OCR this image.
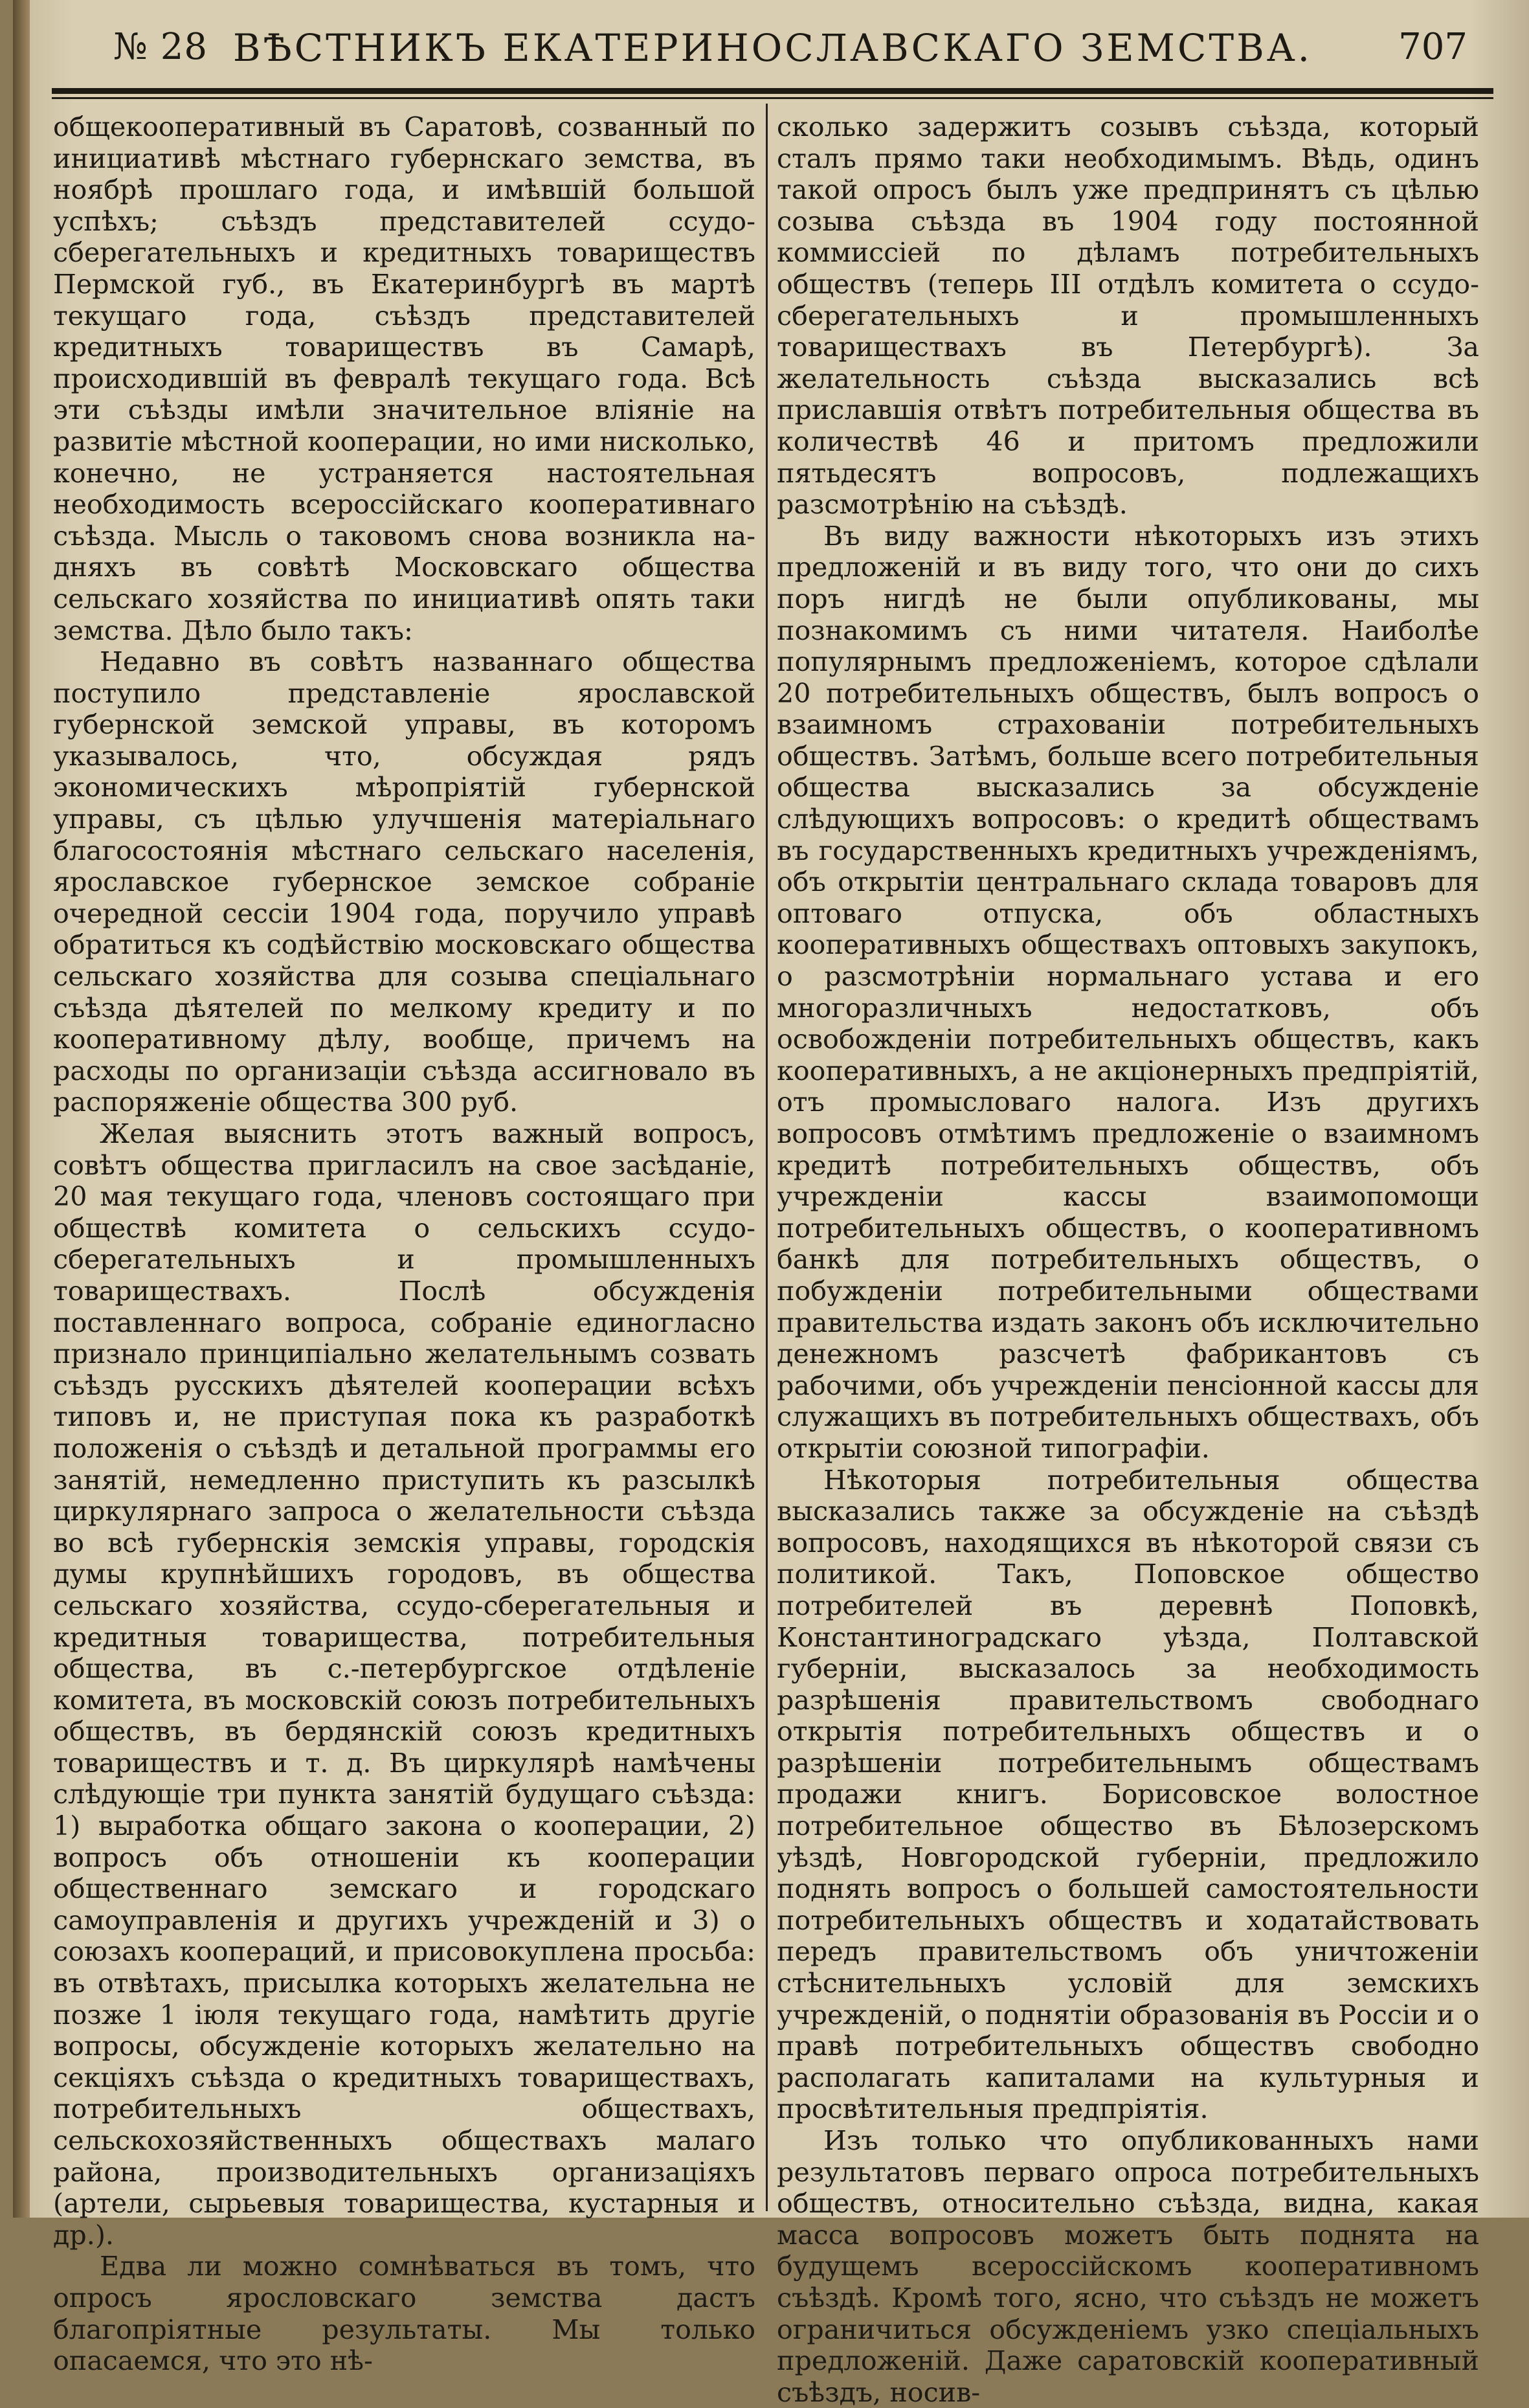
№ 28 ВѢСТНИКЪ ЕКАТЕРИНОСЛАВСКАГО ЗЕМСТВА.	707

общекооперативный въ Саратовѣ, созванный по инициативѣ мѣстнаго губернскаго земства, въ ноябрѣ прошлаго года, и имѣвшій большой успѣхъ; съѣздъ представителей ссудо-сберегательныхъ и кредитныхъ товариществъ Пермской губ., въ Екатеринбургѣ въ мартѣ текущаго года, съѣздъ представителей кредитныхъ товариществъ въ Самарѣ, происходившій въ февралѣ текущаго года. Всѣ эти съѣзды имѣли значительное вліяніе на развитіе мѣстной кооперации, но ими нисколько, конечно, не устраняется настоятельная необходимость всероссійскаго кооперативнаго съѣзда. Мысль о таковомъ снова возникла на-дняхъ въ совѣтѣ Московскаго общества сельскаго хозяйства по инициативѣ опять таки земства. Дѣло было такъ:

Недавно въ совѣтъ названнаго общества поступило представленіе ярославской губернской земской управы, въ которомъ указывалось, что, обсуждая рядъ экономическихъ мѣропріятій губернской управы, съ цѣлью улучшенія матеріальнаго благосостоянія мѣстнаго сельскаго населенія, ярославское губернское земское собраніе очередной сессіи 1904 года, поручило управѣ обратиться къ содѣйствію московскаго общества сельскаго хозяйства для созыва спеціальнаго съѣзда дѣятелей по мелкому кредиту и по кооперативному дѣлу, вообще, причемъ на расходы по организаціи съѣзда ассигновало въ распоряженіе общества 300 руб.

Желая выяснить этотъ важный вопросъ, совѣтъ общества пригласилъ на свое засѣданіе, 20 мая текущаго года, членовъ состоящаго при обществѣ комитета о сельскихъ ссудо-сберегательныхъ и промышленныхъ товариществахъ. Послѣ обсужденія поставленнаго вопроса, собраніе единогласно признало принципіально желательнымъ созвать съѣздъ русскихъ дѣятелей кооперации всѣхъ типовъ и, не приступая пока къ разработкѣ положенія о съѣздѣ и детальной программы его занятій, немедленно приступить къ разсылкѣ циркулярнаго запроса о желательности съѣзда во всѣ губернскія земскія управы, городскія думы крупнѣйшихъ городовъ, въ общества сельскаго хозяйства, ссудо-сберегательныя и кредитныя товарищества, потребительныя общества, въ с.-петербургское отдѣленіе комитета, въ московскій союзъ потребительныхъ обществъ, въ бердянскій союзъ кредитныхъ товариществъ и т. д. Въ циркулярѣ намѣчены слѣдующіе три пункта занятій будущаго съѣзда: 1) выработка общаго закона о кооперации, 2) вопросъ объ отношеніи къ кооперации общественнаго земскаго и городскаго самоуправленія и другихъ учрежденій и 3) о союзахъ коопераций, и присовокуплена просьба: въ отвѣтахъ, присылка которыхъ желательна не позже 1 іюля текущаго года, намѣтить другіе вопросы, обсужденіе которыхъ желательно на секціяхъ съѣзда о кредитныхъ товариществахъ, потребительныхъ обществахъ, сельскохозяйственныхъ обществахъ малаго района, производительныхъ организаціяхъ (артели, сырьевыя товарищества, кустарныя и др.).

Едва ли можно сомнѣваться въ томъ, что опросъ ярословскаго земства дастъ благопріятные результаты. Мы только опасаемся, что это нѣ-

сколько задержитъ созывъ съѣзда, который сталъ прямо таки необходимымъ. Вѣдь, одинъ такой опросъ былъ уже предпринятъ съ цѣлью созыва съѣзда въ 1904 году постоянной коммиссіей по дѣламъ потребительныхъ обществъ (теперь III отдѣлъ комитета о ссудо-сберегательныхъ и промышленныхъ товариществахъ въ Петербургѣ). За желательность съѣзда высказались всѣ приславшія отвѣтъ потребительныя общества въ количествѣ 46 и притомъ предложили пятьдесятъ вопросовъ, подлежащихъ разсмотрѣнію на съѣздѣ.

Въ виду важности нѣкоторыхъ изъ этихъ предложеній и въ виду того, что они до сихъ поръ нигдѣ не были опубликованы, мы познакомимъ съ ними читателя. Наиболѣе популярнымъ предложеніемъ, которое сдѣлали 20 потребительныхъ обществъ, былъ вопросъ о взаимномъ страхованіи потребительныхъ обществъ. Затѣмъ, больше всего потребительныя общества высказались за обсужденіе слѣдующихъ вопросовъ: о кредитѣ обществамъ въ государственныхъ кредитныхъ учрежденіямъ, объ открытіи центральнаго склада товаровъ для оптоваго отпуска, объ областныхъ кооперативныхъ обществахъ оптовыхъ закупокъ, о разсмотрѣніи нормальнаго устава и его многоразличныхъ недостатковъ, объ освобожденіи потребительныхъ обществъ, какъ кооперативныхъ, а не акціонерныхъ предпріятій, отъ промысловаго налога. Изъ другихъ вопросовъ отмѣтимъ предложеніе о взаимномъ кредитѣ потребительныхъ обществъ, объ учрежденіи кассы взаимопомощи потребительныхъ обществъ, о кооперативномъ банкѣ для потребительныхъ обществъ, о побужденіи потребительными обществами правительства издать законъ объ исключительно денежномъ разсчетѣ фабрикантовъ съ рабочими, объ учрежденіи пенсіонной кассы для служащихъ въ потребительныхъ обществахъ, объ открытіи союзной типографіи.

Нѣкоторыя потребительныя общества высказались также за обсужденіе на съѣздѣ вопросовъ, находящихся въ нѣкоторой связи съ политикой. Такъ, Поповское общество потребителей въ деревнѣ Поповкѣ, Константиноградскаго уѣзда, Полтавской губерніи, высказалось за необходимость разрѣшенія правительствомъ свободнаго открытія потребительныхъ обществъ и о разрѣшеніи потребительнымъ обществамъ продажи книгъ. Борисовское волостное потребительное общество въ Бѣлозерскомъ уѣздѣ, Новгородской губерніи, предложило поднять вопросъ о большей самостоятельности потребительныхъ обществъ и ходатайствовать передъ правительствомъ объ уничтоженіи стѣснительныхъ условій для земскихъ учрежденій, о поднятіи образованія въ Россіи и о правѣ потребительныхъ обществъ свободно располагать капиталами на культурныя и просвѣтительныя предпріятія.

Изъ только что опубликованныхъ нами результатовъ перваго опроса потребительныхъ обществъ, относительно съѣзда, видна, какая масса вопросовъ можетъ быть поднята на будущемъ всероссійскомъ кооперативномъ съѣздѣ. Кромѣ того, ясно, что съѣздъ не можетъ ограничиться обсужденіемъ узко спеціальныхъ предложеній. Даже саратовскій кооперативный съѣздъ, носив-
